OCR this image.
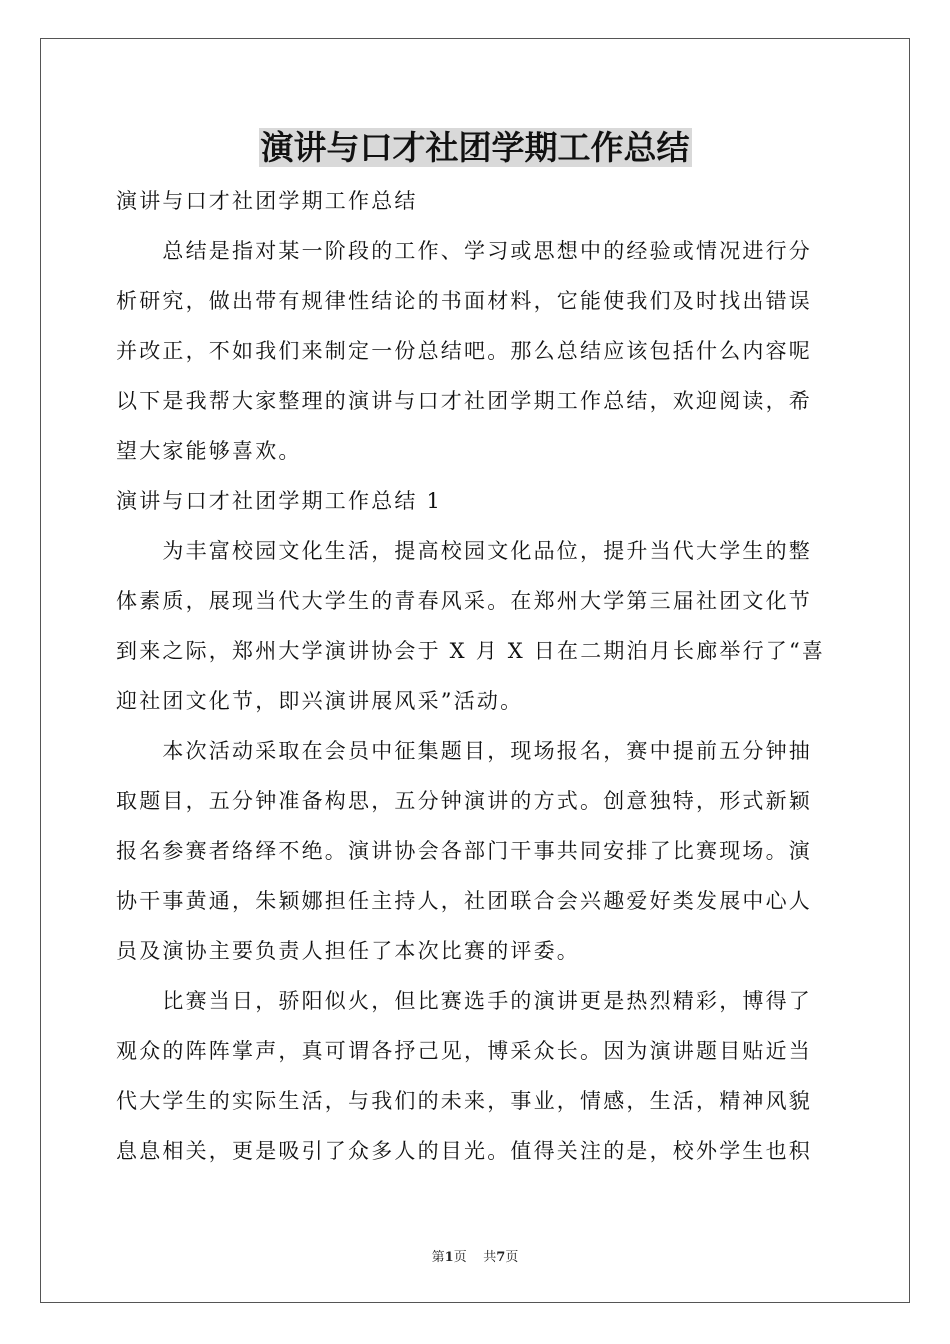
演讲与口才社团学期工作总结
演讲与口才社团学期工作总结
　　总结是指对某一阶段的工作、学习或思想中的经验或情况进行分
析研究，做出带有规律性结论的书面材料，它能使我们及时找出错误
并改正，不如我们来制定一份总结吧。那么总结应该包括什么内容呢
以下是我帮大家整理的演讲与口才社团学期工作总结，欢迎阅读，希
望大家能够喜欢。
演讲与口才社团学期工作总结 1
　　为丰富校园文化生活，提高校园文化品位，提升当代大学生的整
体素质，展现当代大学生的青春风采。在郑州大学第三届社团文化节
到来之际，郑州大学演讲协会于 X 月 X 日在二期泊月长廊举行了“喜
迎社团文化节，即兴演讲展风采”活动。
　　本次活动采取在会员中征集题目，现场报名，赛中提前五分钟抽
取题目，五分钟准备构思，五分钟演讲的方式。创意独特，形式新颖
报名参赛者络绎不绝。演讲协会各部门干事共同安排了比赛现场。演
协干事黄通，朱颖娜担任主持人，社团联合会兴趣爱好类发展中心人
员及演协主要负责人担任了本次比赛的评委。
　　比赛当日，骄阳似火，但比赛选手的演讲更是热烈精彩，博得了
观众的阵阵掌声，真可谓各抒己见，博采众长。因为演讲题目贴近当
代大学生的实际生活，与我们的未来，事业，情感，生活，精神风貌
息息相关，更是吸引了众多人的目光。值得关注的是，校外学生也积
第1页 共7页
